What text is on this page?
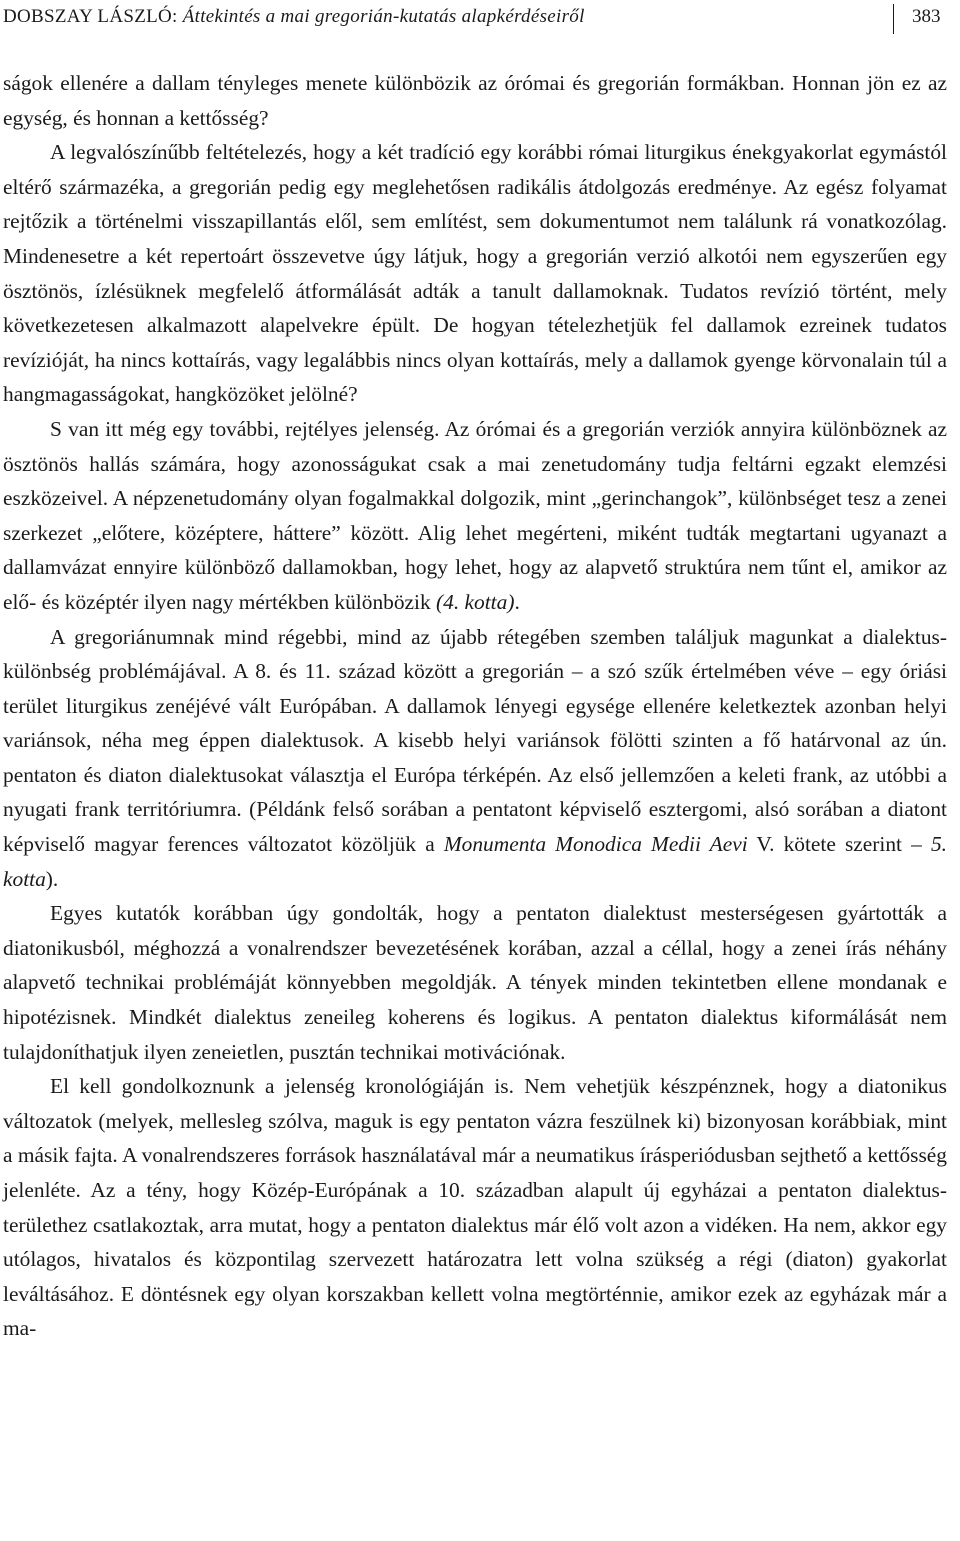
DOBSZAY LÁSZLÓ: Áttekintés a mai gregorián-kutatás alapkérdéseiről	383

ságok ellenére a dallam tényleges menete különbözik az órómai és gregorián formákban. Honnan jön ez az egység, és honnan a kettősség?
A legvalószínűbb feltételezés, hogy a két tradíció egy korábbi római liturgikus énekgyakorlat egymástól eltérő származéka, a gregorián pedig egy meglehetősen radikális átdolgozás eredménye. Az egész folyamat rejtőzik a történelmi visszapillantás elől, sem említést, sem dokumentumot nem találunk rá vonatkozólag. Mindenesetre a két repertoárt összevetve úgy látjuk, hogy a gregorián verzió alkotói nem egyszerűen egy ösztönös, ízlésüknek megfelelő átformálását adták a tanult dallamoknak. Tudatos revízió történt, mely következetesen alkalmazott alapelvekre épült. De hogyan tételezhetjük fel dallamok ezreinek tudatos revízióját, ha nincs kottaírás, vagy legalábbis nincs olyan kottaírás, mely a dallamok gyenge körvonalain túl a hangmagasságokat, hangközöket jelölné?

S van itt még egy további, rejtélyes jelenség. Az órómai és a gregorián verziók annyira különböznek az ösztönös hallás számára, hogy azonosságukat csak a mai zenetudomány tudja feltárni egzakt elemzési eszközeivel. A népzenetudomány olyan fogalmakkal dolgozik, mint „gerinchangok”, különbséget tesz a zenei szerkezet „előtere, középtere, háttere” között. Alig lehet megérteni, miként tudták megtartani ugyanazt a dallamvázat ennyire különböző dallamokban, hogy lehet, hogy az alapvető struktúra nem tűnt el, amikor az elő- és középtér ilyen nagy mértékben különbözik (4. kotta).

A gregoriánumnak mind régebbi, mind az újabb rétegében szemben találjuk magunkat a dialektus-különbség problémájával. A 8. és 11. század között a gregorián – a szó szűk értelmében véve – egy óriási terület liturgikus zenéjévé vált Európában. A dallamok lényegi egysége ellenére keletkeztek azonban helyi variánsok, néha meg éppen dialektusok. A kisebb helyi variánsok fölötti szinten a fő határvonal az ún. pentaton és diaton dialektusokat választja el Európa térképén. Az első jellemzően a keleti frank, az utóbbi a nyugati frank territóriumra. (Példánk felső sorában a pentatont képviselő esztergomi, alsó sorában a diatont képviselő magyar ferences változatot közöljük a Monumenta Monodica Medii Aevi V. kötete szerint – 5. kotta).

Egyes kutatók korábban úgy gondolták, hogy a pentaton dialektust mesterségesen gyártották a diatonikusból, méghozzá a vonalrendszer bevezetésének korában, azzal a céllal, hogy a zenei írás néhány alapvető technikai problémáját könnyebben megoldják. A tények minden tekintetben ellene mondanak e hipotézisnek. Mindkét dialektus zeneileg koherens és logikus. A pentaton dialektus kiformálását nem tulajdoníthatjuk ilyen zeneietlen, pusztán technikai motivációnak.

El kell gondolkoznunk a jelenség kronológiáján is. Nem vehetjük készpénznek, hogy a diatonikus változatok (melyek, mellesleg szólva, maguk is egy pentaton vázra feszülnek ki) bizonyosan korábbiak, mint a másik fajta. A vonalrendszeres források használatával már a neumatikus írásperiódusban sejthető a kettősség jelenléte. Az a tény, hogy Közép-Európának a 10. században alapult új egyházai a pentaton dialektus-területhez csatlakoztak, arra mutat, hogy a pentaton dialektus már élő volt azon a vidéken. Ha nem, akkor egy utólagos, hivatalos és központilag szervezett határozatra lett volna szükség a régi (diaton) gyakorlat leváltásához. E döntésnek egy olyan korszakban kellett volna megtörténnie, amikor ezek az egyházak már a ma-
